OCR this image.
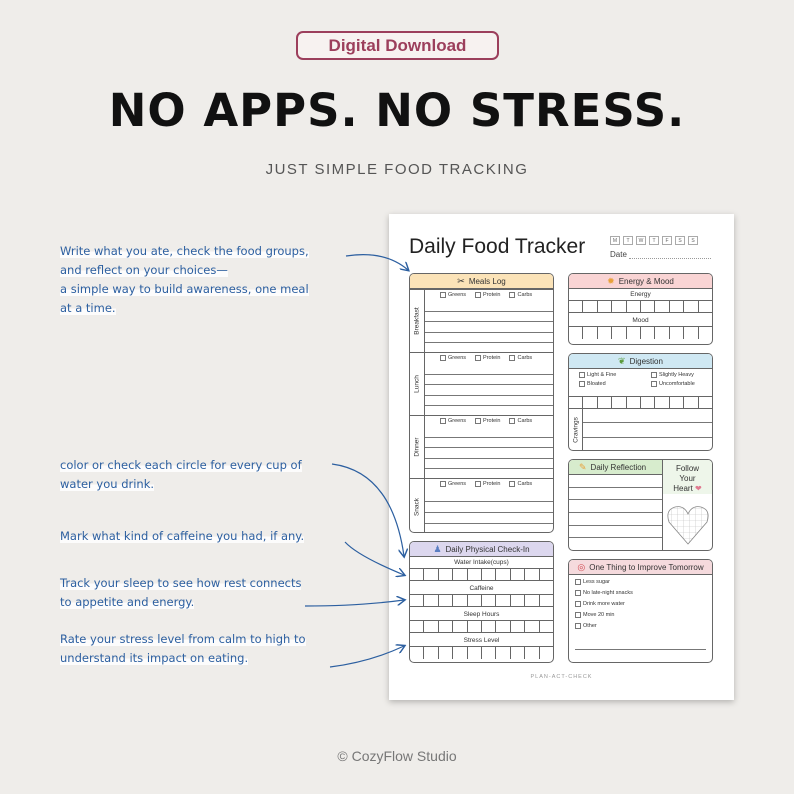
Digital Download
NO APPS. NO STRESS.
JUST SIMPLE FOOD TRACKING
Write what you ate, check the food groups,
and reflect on your choices—
a simple way to build awareness, one meal
at a time.
color or check each circle for every cup of
water you drink.
Mark what kind of caffeine you had, if any.
Track your sleep to see how rest connects
to appetite and energy.
Rate your stress level from calm to high to
understand its impact on eating.
© CozyFlow Studio
Daily Food Tracker	M	T	W	T	F	S	S
Date
✂ Meals Log
Breakfast
Greens	Protein	Carbs
Lunch
Greens	Protein	Carbs
Dinner
Greens	Protein	Carbs
Snack
Greens	Protein	Carbs
✹ Energy & Mood
Energy
Mood
❦ Digestion
Light & Fine
Bloated
Slightly Heavy
Uncomfortable
Cravings
✎ Daily Reflection	Follow
Your
Heart ❤
♟ Daily Physical Check-In
Water Intake(cups)
Caffeine
Sleep Hours
Stress Level
◎ One Thing to Improve Tomorrow
Less sugar
No late-night snacks
Drink more water
Move 20 min
Other
PLAN-ACT-CHECK
